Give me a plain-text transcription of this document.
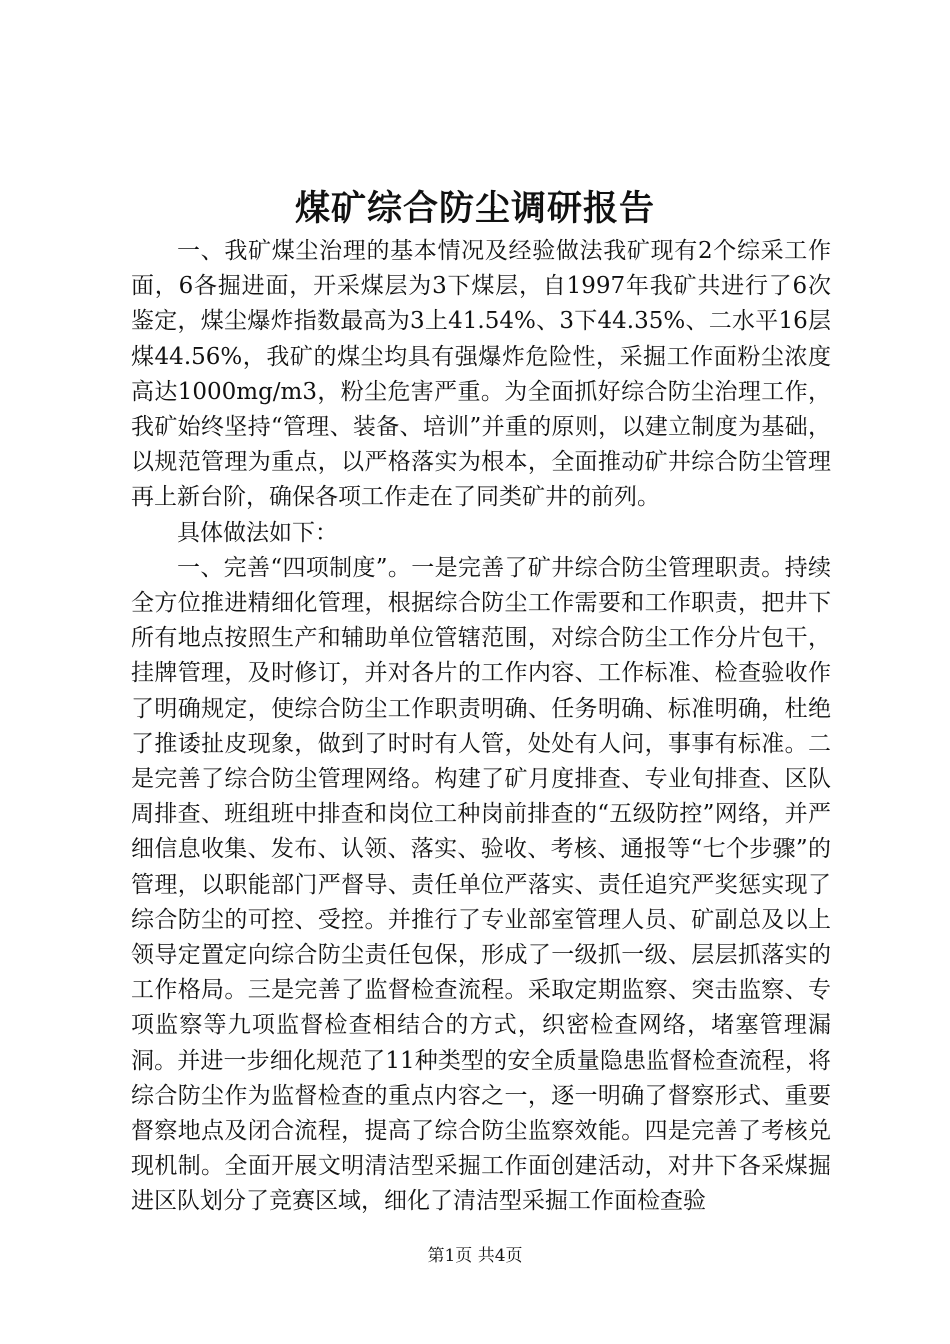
煤矿综合防尘调研报告

一、我矿煤尘治理的基本情况及经验做法我矿现有2个综采工作面，6各掘进面，开采煤层为3下煤层，自1997年我矿共进行了6次鉴定，煤尘爆炸指数最高为3上41.54%、3下44.35%、二水平16层煤44.56%，我矿的煤尘均具有强爆炸危险性，采掘工作面粉尘浓度高达1000mg/m3，粉尘危害严重。为全面抓好综合防尘治理工作，我矿始终坚持“管理、装备、培训”并重的原则，以建立制度为基础，以规范管理为重点，以严格落实为根本，全面推动矿井综合防尘管理再上新台阶，确保各项工作走在了同类矿井的前列。

具体做法如下：

一、完善“四项制度”。一是完善了矿井综合防尘管理职责。持续全方位推进精细化管理，根据综合防尘工作需要和工作职责，把井下所有地点按照生产和辅助单位管辖范围，对综合防尘工作分片包干，挂牌管理，及时修订，并对各片的工作内容、工作标准、检查验收作了明确规定，使综合防尘工作职责明确、任务明确、标准明确，杜绝了推诿扯皮现象，做到了时时有人管，处处有人问，事事有标准。二是完善了综合防尘管理网络。构建了矿月度排查、专业旬排查、区队周排查、班组班中排查和岗位工种岗前排查的“五级防控”网络，并严细信息收集、发布、认领、落实、验收、考核、通报等“七个步骤”的管理，以职能部门严督导、责任单位严落实、责任追究严奖惩实现了综合防尘的可控、受控。并推行了专业部室管理人员、矿副总及以上领导定置定向综合防尘责任包保，形成了一级抓一级、层层抓落实的工作格局。三是完善了监督检查流程。采取定期监察、突击监察、专项监察等九项监督检查相结合的方式，织密检查网络，堵塞管理漏洞。并进一步细化规范了11种类型的安全质量隐患监督检查流程，将综合防尘作为监督检查的重点内容之一，逐一明确了督察形式、重要督察地点及闭合流程，提高了综合防尘监察效能。四是完善了考核兑现机制。全面开展文明清洁型采掘工作面创建活动，对井下各采煤掘进区队划分了竞赛区域，细化了清洁型采掘工作面检查验

第1页 共4页
